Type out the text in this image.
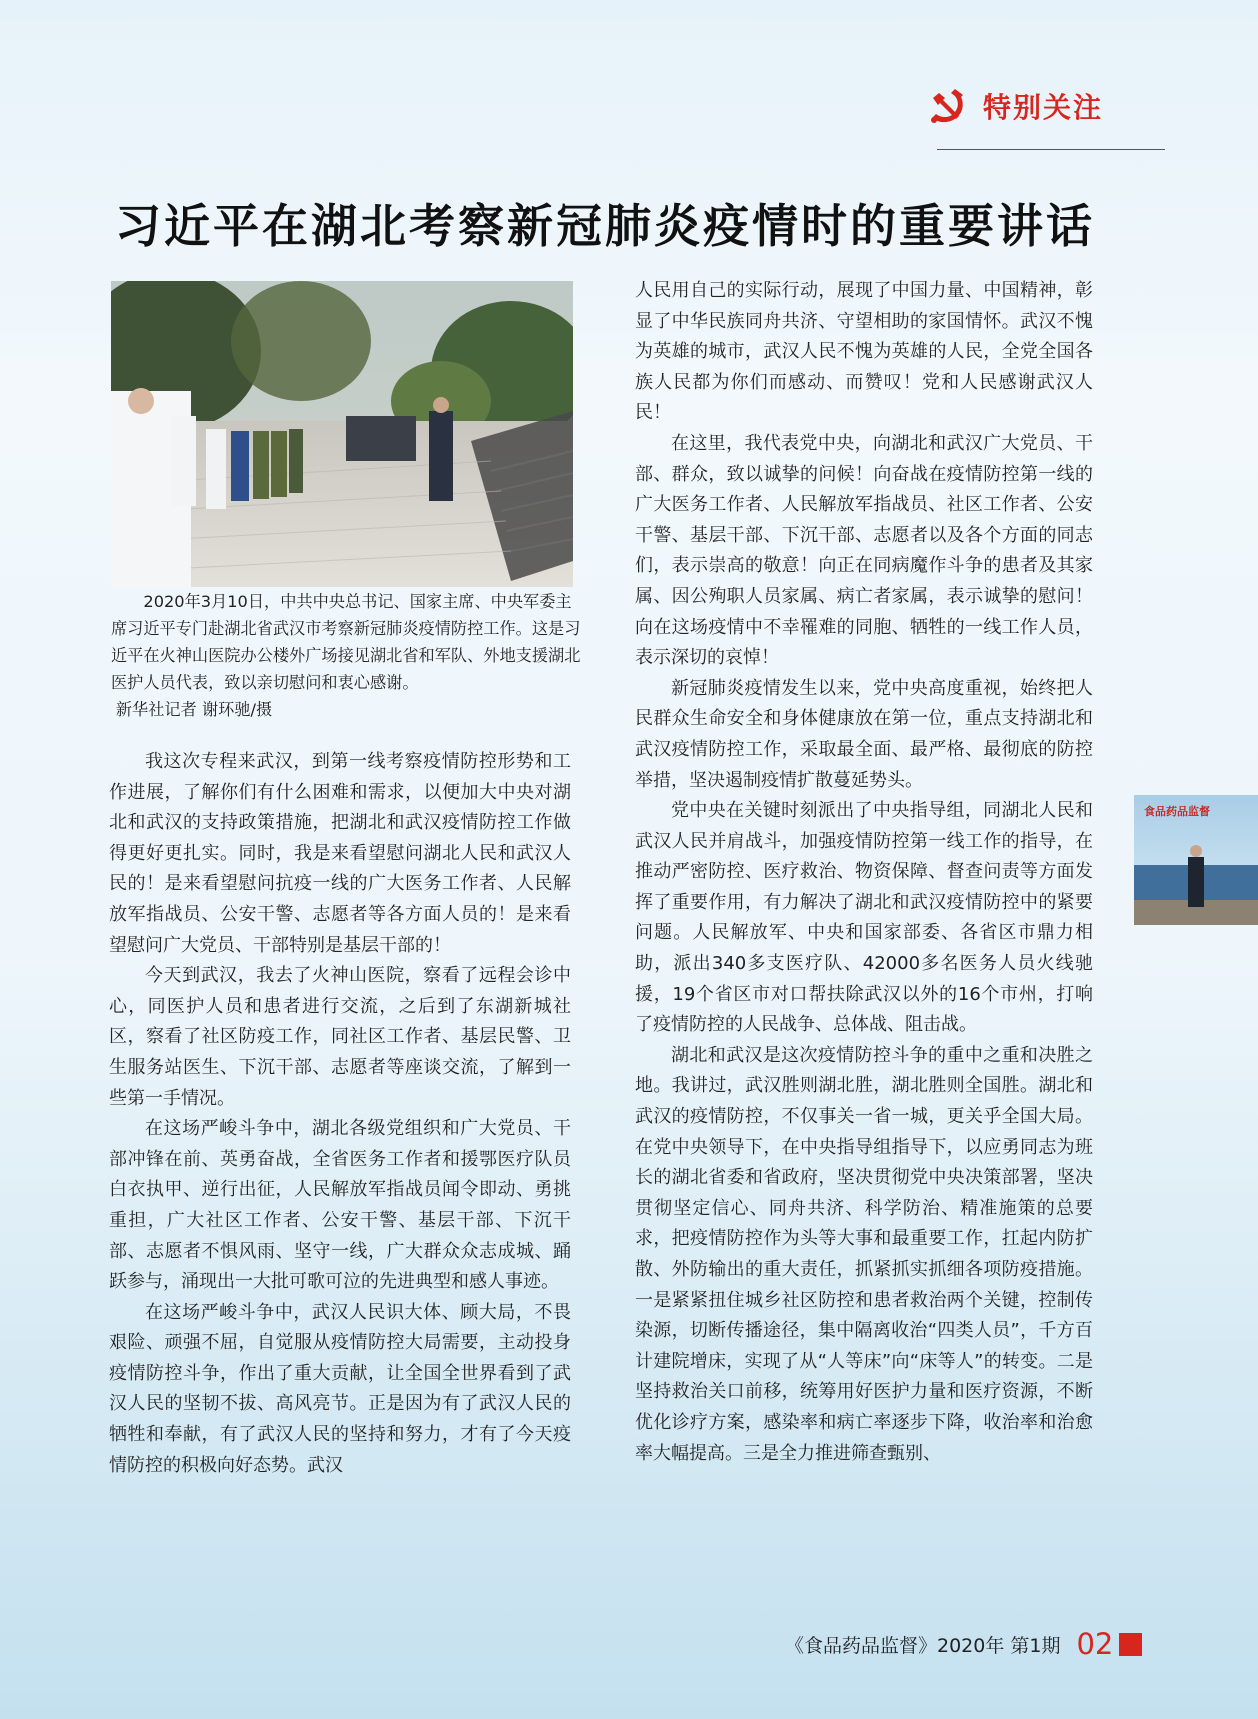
特别关注
习近平在湖北考察新冠肺炎疫情时的重要讲话

2020年3月10日，中共中央总书记、国家主席、中央军委主席习近平专门赴湖北省武汉市考察新冠肺炎疫情防控工作。这是习近平在火神山医院办公楼外广场接见湖北省和军队、外地支援湖北医护人员代表，致以亲切慰问和衷心感谢。

新华社记者 谢环驰/摄

我这次专程来武汉，到第一线考察疫情防控形势和工作进展，了解你们有什么困难和需求，以便加大中央对湖北和武汉的支持政策措施，把湖北和武汉疫情防控工作做得更好更扎实。同时，我是来看望慰问湖北人民和武汉人民的！是来看望慰问抗疫一线的广大医务工作者、人民解放军指战员、公安干警、志愿者等各方面人员的！是来看望慰问广大党员、干部特别是基层干部的！

今天到武汉，我去了火神山医院，察看了远程会诊中心，同医护人员和患者进行交流，之后到了东湖新城社区，察看了社区防疫工作，同社区工作者、基层民警、卫生服务站医生、下沉干部、志愿者等座谈交流，了解到一些第一手情况。

在这场严峻斗争中，湖北各级党组织和广大党员、干部冲锋在前、英勇奋战，全省医务工作者和援鄂医疗队员白衣执甲、逆行出征，人民解放军指战员闻令即动、勇挑重担，广大社区工作者、公安干警、基层干部、下沉干部、志愿者不惧风雨、坚守一线，广大群众众志成城、踊跃参与，涌现出一大批可歌可泣的先进典型和感人事迹。

在这场严峻斗争中，武汉人民识大体、顾大局，不畏艰险、顽强不屈，自觉服从疫情防控大局需要，主动投身疫情防控斗争，作出了重大贡献，让全国全世界看到了武汉人民的坚韧不拔、高风亮节。正是因为有了武汉人民的牺牲和奉献，有了武汉人民的坚持和努力，才有了今天疫情防控的积极向好态势。武汉

人民用自己的实际行动，展现了中国力量、中国精神，彰显了中华民族同舟共济、守望相助的家国情怀。武汉不愧为英雄的城市，武汉人民不愧为英雄的人民，全党全国各族人民都为你们而感动、而赞叹！党和人民感谢武汉人民！

在这里，我代表党中央，向湖北和武汉广大党员、干部、群众，致以诚挚的问候！向奋战在疫情防控第一线的广大医务工作者、人民解放军指战员、社区工作者、公安干警、基层干部、下沉干部、志愿者以及各个方面的同志们，表示崇高的敬意！向正在同病魔作斗争的患者及其家属、因公殉职人员家属、病亡者家属，表示诚挚的慰问！向在这场疫情中不幸罹难的同胞、牺牲的一线工作人员，表示深切的哀悼！

新冠肺炎疫情发生以来，党中央高度重视，始终把人民群众生命安全和身体健康放在第一位，重点支持湖北和武汉疫情防控工作，采取最全面、最严格、最彻底的防控举措，坚决遏制疫情扩散蔓延势头。

党中央在关键时刻派出了中央指导组，同湖北人民和武汉人民并肩战斗，加强疫情防控第一线工作的指导，在推动严密防控、医疗救治、物资保障、督查问责等方面发挥了重要作用，有力解决了湖北和武汉疫情防控中的紧要问题。人民解放军、中央和国家部委、各省区市鼎力相助，派出340多支医疗队、42000多名医务人员火线驰援，19个省区市对口帮扶除武汉以外的16个市州，打响了疫情防控的人民战争、总体战、阻击战。

湖北和武汉是这次疫情防控斗争的重中之重和决胜之地。我讲过，武汉胜则湖北胜，湖北胜则全国胜。湖北和武汉的疫情防控，不仅事关一省一城，更关乎全国大局。在党中央领导下，在中央指导组指导下，以应勇同志为班长的湖北省委和省政府，坚决贯彻党中央决策部署，坚决贯彻坚定信心、同舟共济、科学防治、精准施策的总要求，把疫情防控作为头等大事和最重要工作，扛起内防扩散、外防输出的重大责任，抓紧抓实抓细各项防疫措施。一是紧紧扭住城乡社区防控和患者救治两个关键，控制传染源，切断传播途径，集中隔离收治“四类人员”，千方百计建院增床，实现了从“人等床”向“床等人”的转变。二是坚持救治关口前移，统筹用好医护力量和医疗资源，不断优化诊疗方案，感染率和病亡率逐步下降，收治率和治愈率大幅提高。三是全力推进筛查甄别、

食品药品监督
《食品药品监督》2020年 第1期 02
